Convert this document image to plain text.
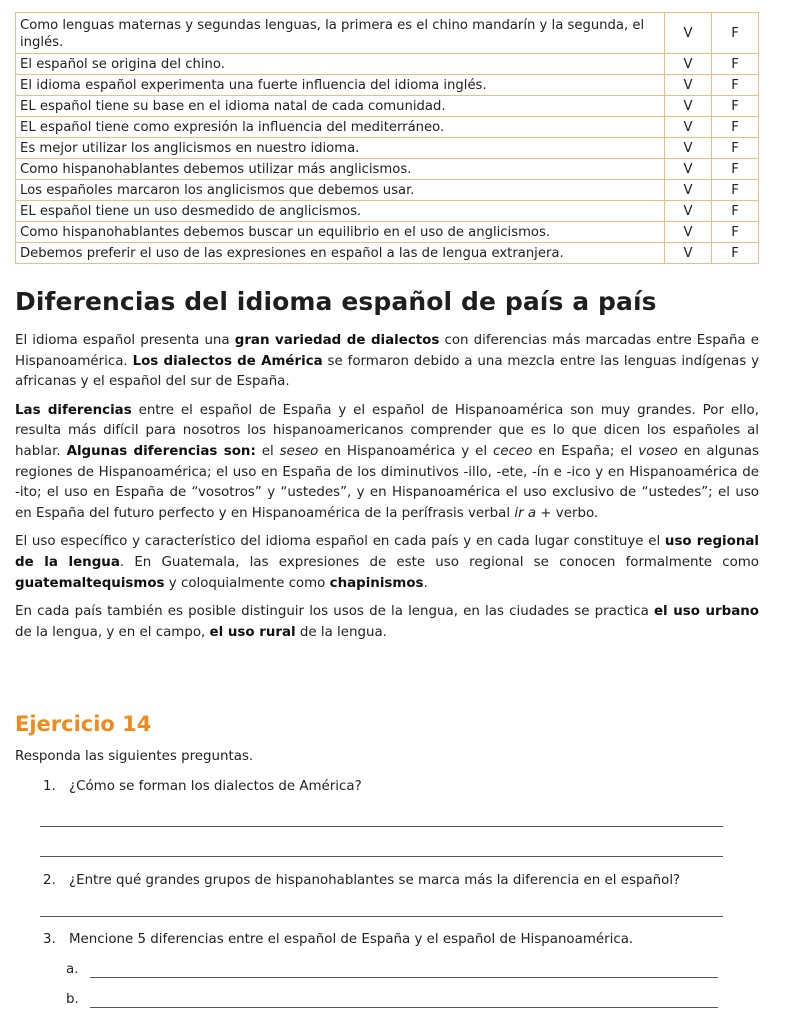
Como lenguas maternas y segundas lenguas, la primera es el chino mandarín y la segunda, el inglés.	V	F
El español se origina del chino.	V	F
El idioma español experimenta una fuerte influencia del idioma inglés.	V	F
EL español tiene su base en el idioma natal de cada comunidad.	V	F
EL español tiene como expresión la influencia del mediterráneo.	V	F
Es mejor utilizar los anglicismos en nuestro idioma.	V	F
Como hispanohablantes debemos utilizar más anglicismos.	V	F
Los españoles marcaron los anglicismos que debemos usar.	V	F
EL español tiene un uso desmedido de anglicismos.	V	F
Como hispanohablantes debemos buscar un equilibrio en el uso de anglicismos.	V	F
Debemos preferir el uso de las expresiones en español a las de lengua extranjera.	V	F
Diferencias del idioma español de país a país

El idioma español presenta una gran variedad de dialectos con diferencias más marcadas entre España e Hispanoamérica. Los dialectos de América se formaron debido a una mezcla entre las lenguas indígenas y africanas y el español del sur de España.

Las diferencias entre el español de España y el español de Hispanoamérica son muy grandes. Por ello, resulta más difícil para nosotros los hispanoamericanos comprender que es lo que dicen los españoles al hablar. Algunas diferencias son: el seseo en Hispanoamérica y el ceceo en España; el voseo en algunas regiones de Hispanoamérica; el uso en España de los diminutivos -illo, -ete, -ín e -ico y en Hispanoamérica de -ito; el uso en España de “vosotros” y “ustedes”, y en Hispanoamérica el uso exclusivo de “ustedes”; el uso en España del futuro perfecto y en Hispanoamérica de la perífrasis verbal ir a + verbo.

El uso específico y característico del idioma español en cada país y en cada lugar constituye el uso regional de la lengua. En Guatemala, las expresiones de este uso regional se conocen formalmente como guatemaltequismos y coloquialmente como chapinismos.

En cada país también es posible distinguir los usos de la lengua, en las ciudades se practica el uso urbano de la lengua, y en el campo, el uso rural de la lengua.

Ejercicio 14
Responda las siguientes preguntas.
1. ¿Cómo se forman los dialectos de América?
2. ¿Entre qué grandes grupos de hispanohablantes se marca más la diferencia en el español?
3. Mencione 5 diferencias entre el español de España y el español de Hispanoamérica.
a.
b.
